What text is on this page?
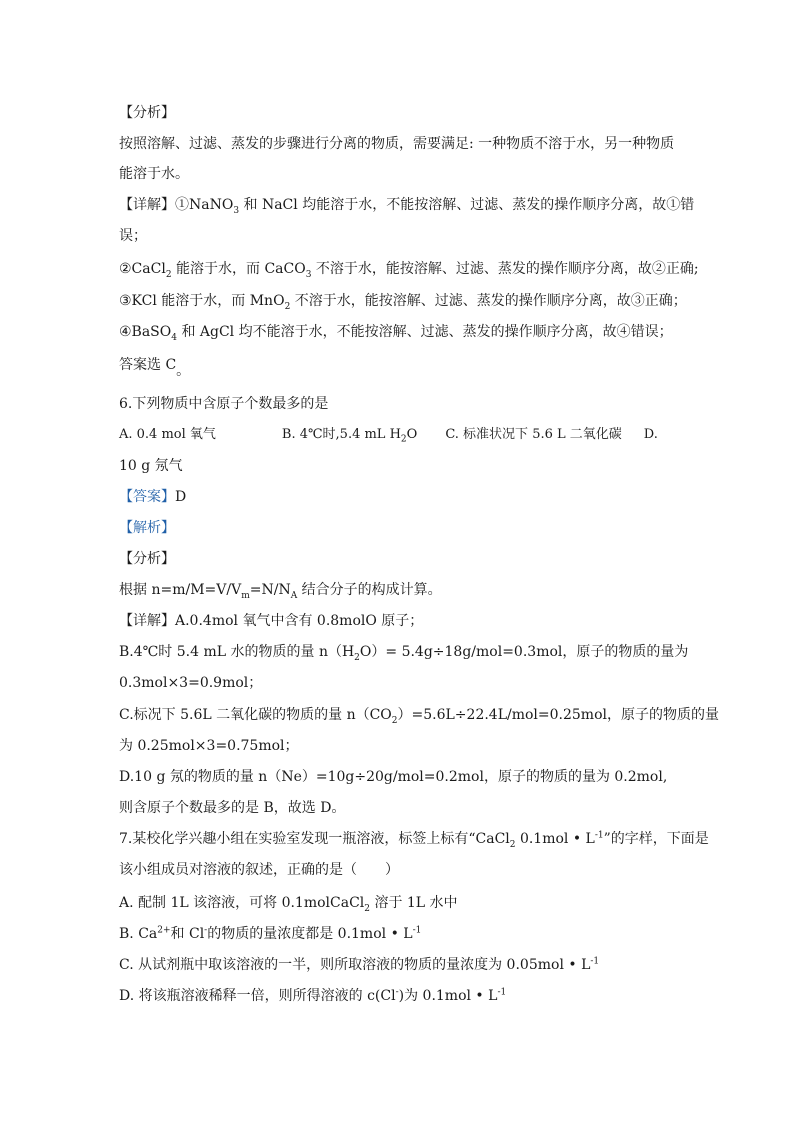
【分析】
按照溶解、过滤、蒸发的步骤进行分离的物质，需要满足: 一种物质不溶于水，另一种物质
能溶于水。
【详解】①NaNO$_3$ 和 NaCl 均能溶于水，不能按溶解、过滤、蒸发的操作顺序分离，故①错
误；
②CaCl$_2$ 能溶于水，而 CaCO$_3$ 不溶于水，能按溶解、过滤、蒸发的操作顺序分离，故②正确;
③KCl 能溶于水，而 MnO$_2$ 不溶于水，能按溶解、过滤、蒸发的操作顺序分离，故③正确；
④BaSO$_4$ 和 AgCl 均不能溶于水，不能按溶解、过滤、蒸发的操作顺序分离，故④错误；
答案选 C。
6.下列物质中含原子个数最多的是
A. 0.4 mol 氧气	B. 4℃时,5.4 mL $H_2O$ C. 标准状况下 5.6 L 二氧化碳 D.
10 g 氖气
【答案】D
【解析】
【分析】
根据 $n=m/M=V/V_m=N/N_A$ 结合分子的构成计算。
【详解】A.0.4mol 氧气中含有 0.8molO 原子；
B.4℃时 5.4 mL 水的物质的量 $n(H_2O)= 5.4g\div 18g/mol=0.3mol$，原子的物质的量为
0.3mol×3=0.9mol；
C.标况下 5.6L 二氧化碳的物质的量 $n(CO_2)=5.6L\div 22.4L/mol=0.25mol$，原子的物质的量
为 0.25mol×3=0.75mol；
D.10 g 氖的物质的量 n（Ne）=10g÷20g/mol=0.2mol，原子的物质的量为 0.2mol,
则含原子个数最多的是 B，故选 D。
7.某校化学兴趣小组在实验室发现一瓶溶液，标签上标有“CaCl$_2$ 0.1mol • $L^{-1}$”的字样，下面是
该小组成员对溶液的叙述，正确的是（　　）
A. 配制 1L 该溶液，可将 0.1molCaCl$_2$ 溶于 1L 水中
B. $Ca^{2+}$和 Cl-的物质的量浓度都是 0.1mol • $L^{-1}$
C. 从试剂瓶中取该溶液的一半，则所取溶液的物质的量浓度为 0.05mol • $L^{-1}$
D. 将该瓶溶液稀释一倍，则所得溶液的 c(Cl-)为 0.1mol • $L^{-1}$
